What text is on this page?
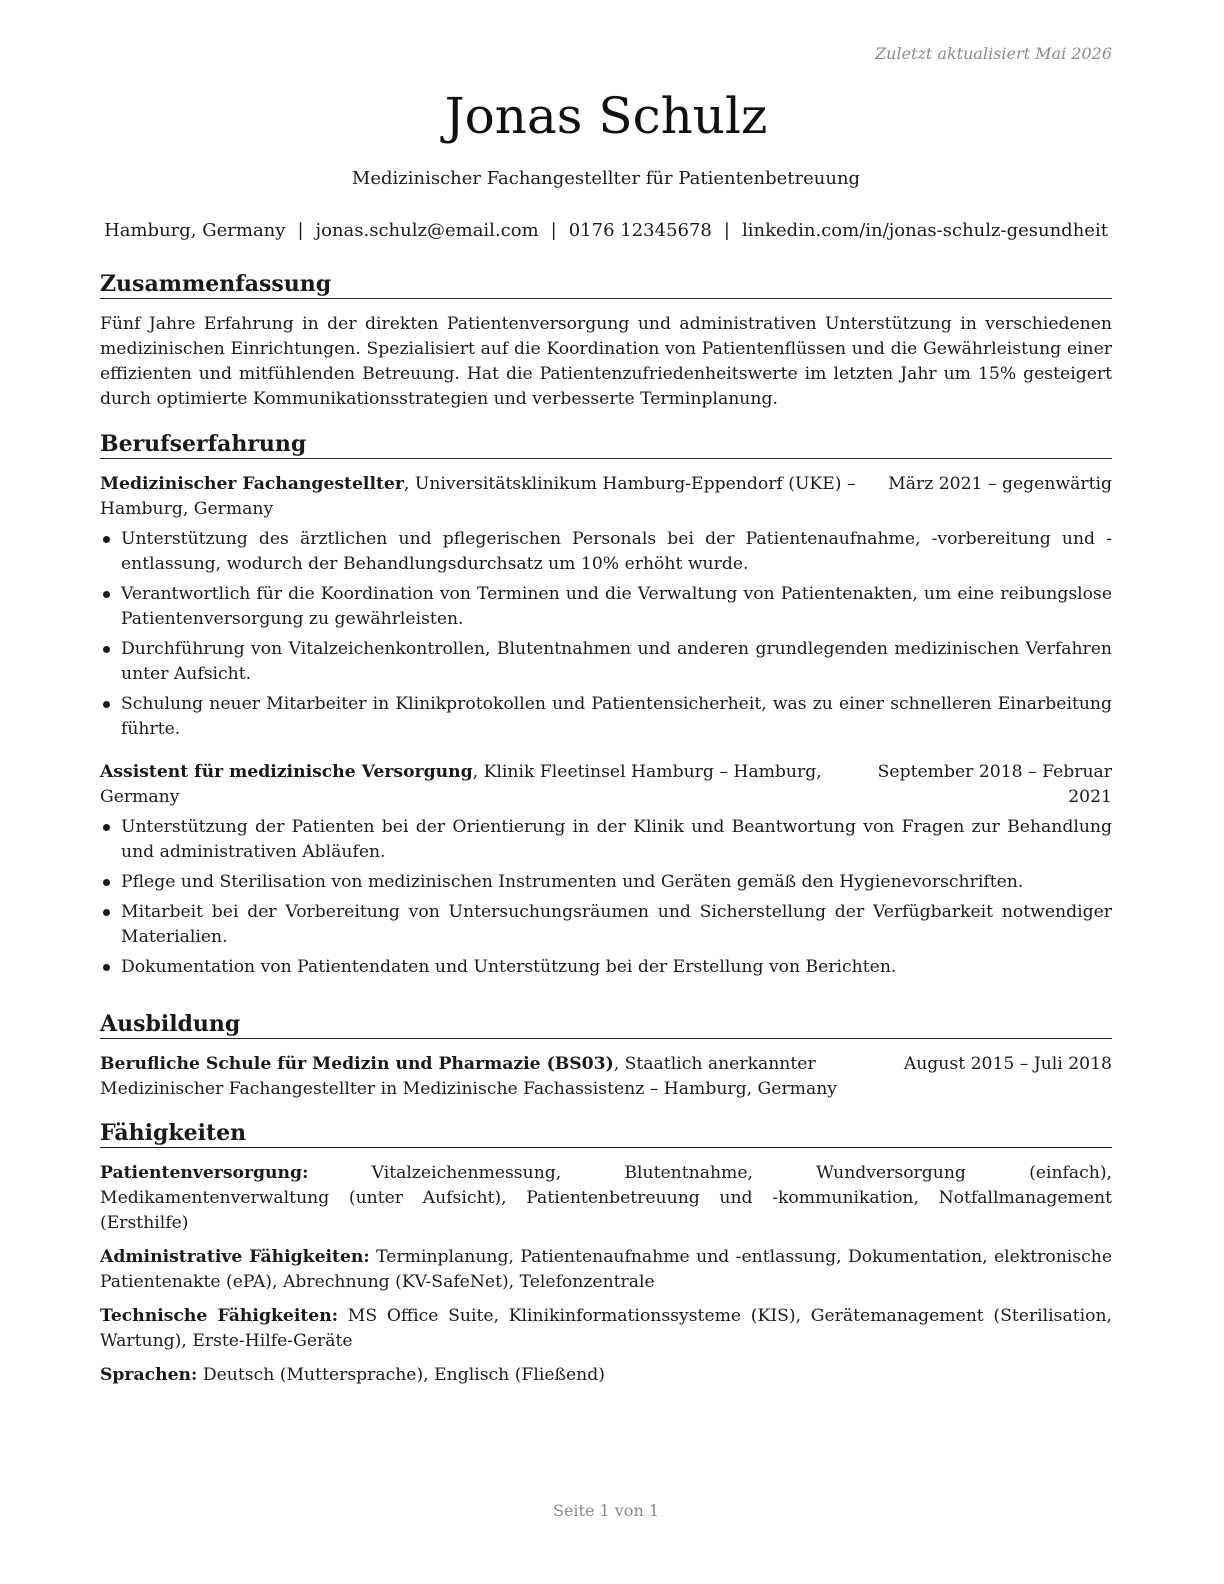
Zuletzt aktualisiert Mai 2026
Jonas Schulz
Medizinischer Fachangestellter für Patientenbetreuung
Hamburg, Germany | jonas.schulz@email.com | 0176 12345678 | linkedin.com/in/jonas-schulz-gesundheit
Zusammenfassung
Fünf Jahre Erfahrung in der direkten Patientenversorgung und administrativen Unterstützung in verschiedenen medizinischen Einrichtungen. Spezialisiert auf die Koordination von Patientenflüssen und die Gewährleistung einer effizienten und mitfühlenden Betreuung. Hat die Patientenzufriedenheitswerte im letzten Jahr um 15% gesteigert durch optimierte Kommunikationsstrategien und verbesserte Terminplanung.
Berufserfahrung
Medizinischer Fachangestellter, Universitätsklinikum Hamburg-Eppendorf (UKE) – Hamburg, Germany
März 2021 – gegenwärtig
Unterstützung des ärztlichen und pflegerischen Personals bei der Patientenaufnahme, -vorbereitung und -entlassung, wodurch der Behandlungsdurchsatz um 10% erhöht wurde.
Verantwortlich für die Koordination von Terminen und die Verwaltung von Patientenakten, um eine reibungslose Patientenversorgung zu gewährleisten.
Durchführung von Vitalzeichenkontrollen, Blutentnahmen und anderen grundlegenden medizinischen Verfahren unter Aufsicht.
Schulung neuer Mitarbeiter in Klinikprotokollen und Patientensicherheit, was zu einer schnelleren Einarbeitung führte.
Assistent für medizinische Versorgung, Klinik Fleetinsel Hamburg – Hamburg, Germany
September 2018 – Februar 2021
Unterstützung der Patienten bei der Orientierung in der Klinik und Beantwortung von Fragen zur Behandlung und administrativen Abläufen.
Pflege und Sterilisation von medizinischen Instrumenten und Geräten gemäß den Hygienevorschriften.
Mitarbeit bei der Vorbereitung von Untersuchungsräumen und Sicherstellung der Verfügbarkeit notwendiger Materialien.
Dokumentation von Patientendaten und Unterstützung bei der Erstellung von Berichten.
Ausbildung
Berufliche Schule für Medizin und Pharmazie (BS03), Staatlich anerkannter Medizinischer Fachangestellter in Medizinische Fachassistenz – Hamburg, Germany
August 2015 – Juli 2018
Fähigkeiten
Patientenversorgung: Vitalzeichenmessung, Blutentnahme, Wundversorgung (einfach), Medikamentenverwaltung (unter Aufsicht), Patientenbetreuung und -kommunikation, Notfallmanagement (Ersthilfe)
Administrative Fähigkeiten: Terminplanung, Patientenaufnahme und -entlassung, Dokumentation, elektronische Patientenakte (ePA), Abrechnung (KV-SafeNet), Telefonzentrale
Technische Fähigkeiten: MS Office Suite, Klinikinformationssysteme (KIS), Gerätemanagement (Sterilisation, Wartung), Erste-Hilfe-Geräte
Sprachen: Deutsch (Muttersprache), Englisch (Fließend)
Seite 1 von 1
